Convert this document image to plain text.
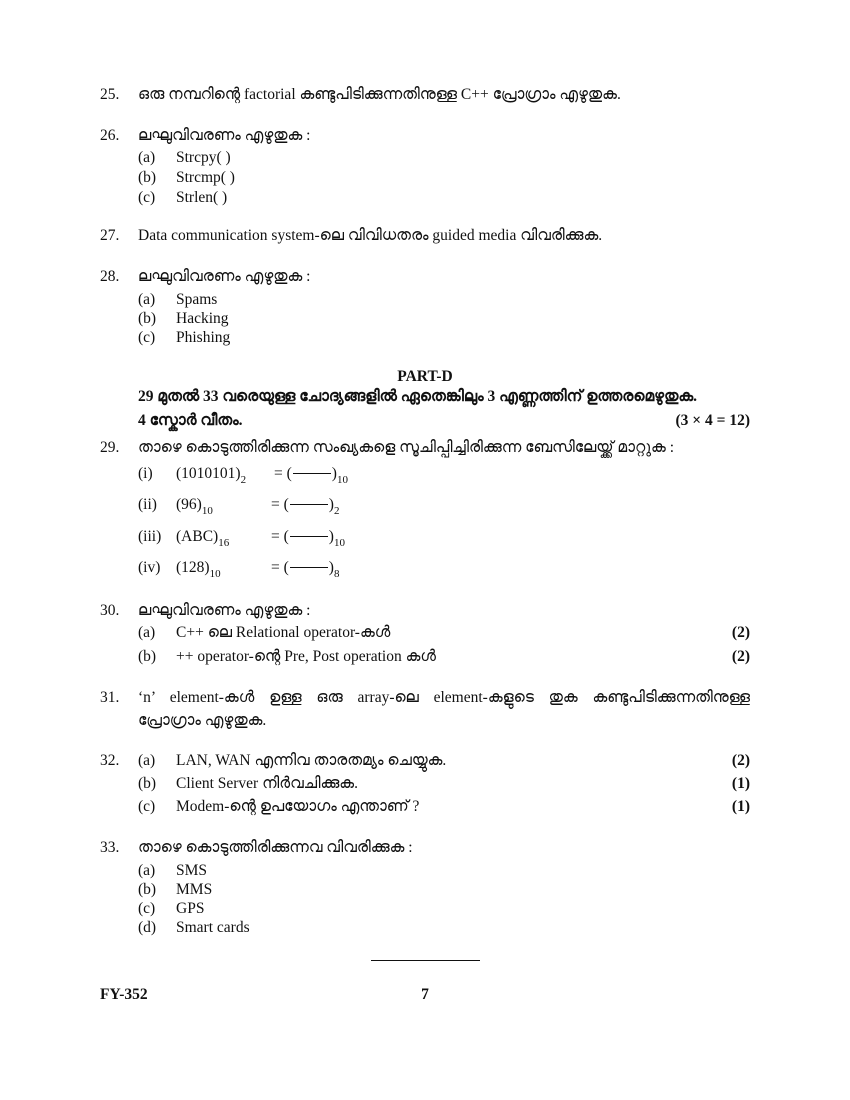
25. ഒരു നമ്പറിന്റെ factorial കണ്ടുപിടിക്കുന്നതിനുള്ള C++ പ്രോഗ്രാം എഴുതുക.
26. ലഘുവിവരണം എഴുതുക :
(a) Strcpy( )
(b) Strcmp( )
(c) Strlen( )
27. Data communication system-ലെ വിവിധതരം guided media വിവരിക്കുക.
28. ലഘുവിവരണം എഴുതുക :
(a) Spams
(b) Hacking
(c) Phishing
PART-D
29 മുതൽ 33 വരെയുള്ള ചോദ്യങ്ങളിൽ ഏതെങ്കിലും 3 എണ്ണത്തിന് ഉത്തരമെഴുതുക.
4 സ്കോർ വീതം.	(3 × 4 = 12)
29. താഴെ കൊടുത്തിരിക്കുന്ന സംഖ്യകളെ സൂചിപ്പിച്ചിരിക്കുന്ന ബേസിലേയ്ക്ക് മാറ്റുക :
(i) $(1010101)_2$ = (	)$_{10}$
(ii) $(96)_{10}$	= (	)$_2$
(iii) $(ABC)_{16}$	= (	)$_{10}$
(iv) $(128)_{10}$	= (	)$_8$
30. ലഘുവിവരണം എഴുതുക :
(a) C++ ലെ Relational operator-കൾ	(2)
(b) ++ operator-ന്റെ Pre, Post operation കൾ	(2)
31. ‘n’ element-കൾ ഉള്ള ഒരു array-ലെ element-കളുടെ തുക കണ്ടുപിടിക്കുന്നതിനുള്ള
പ്രോഗ്രാം എഴുതുക.
32. (a) LAN, WAN എന്നിവ താരതമ്യം ചെയ്യുക.	(2)
(b) Client Server നിർവചിക്കുക.	(1)
(c) Modem-ന്റെ ഉപയോഗം എന്താണ് ?	(1)
33. താഴെ കൊടുത്തിരിക്കുന്നവ വിവരിക്കുക :
(a) SMS
(b) MMS
(c) GPS
(d) Smart cards
FY-352	7
